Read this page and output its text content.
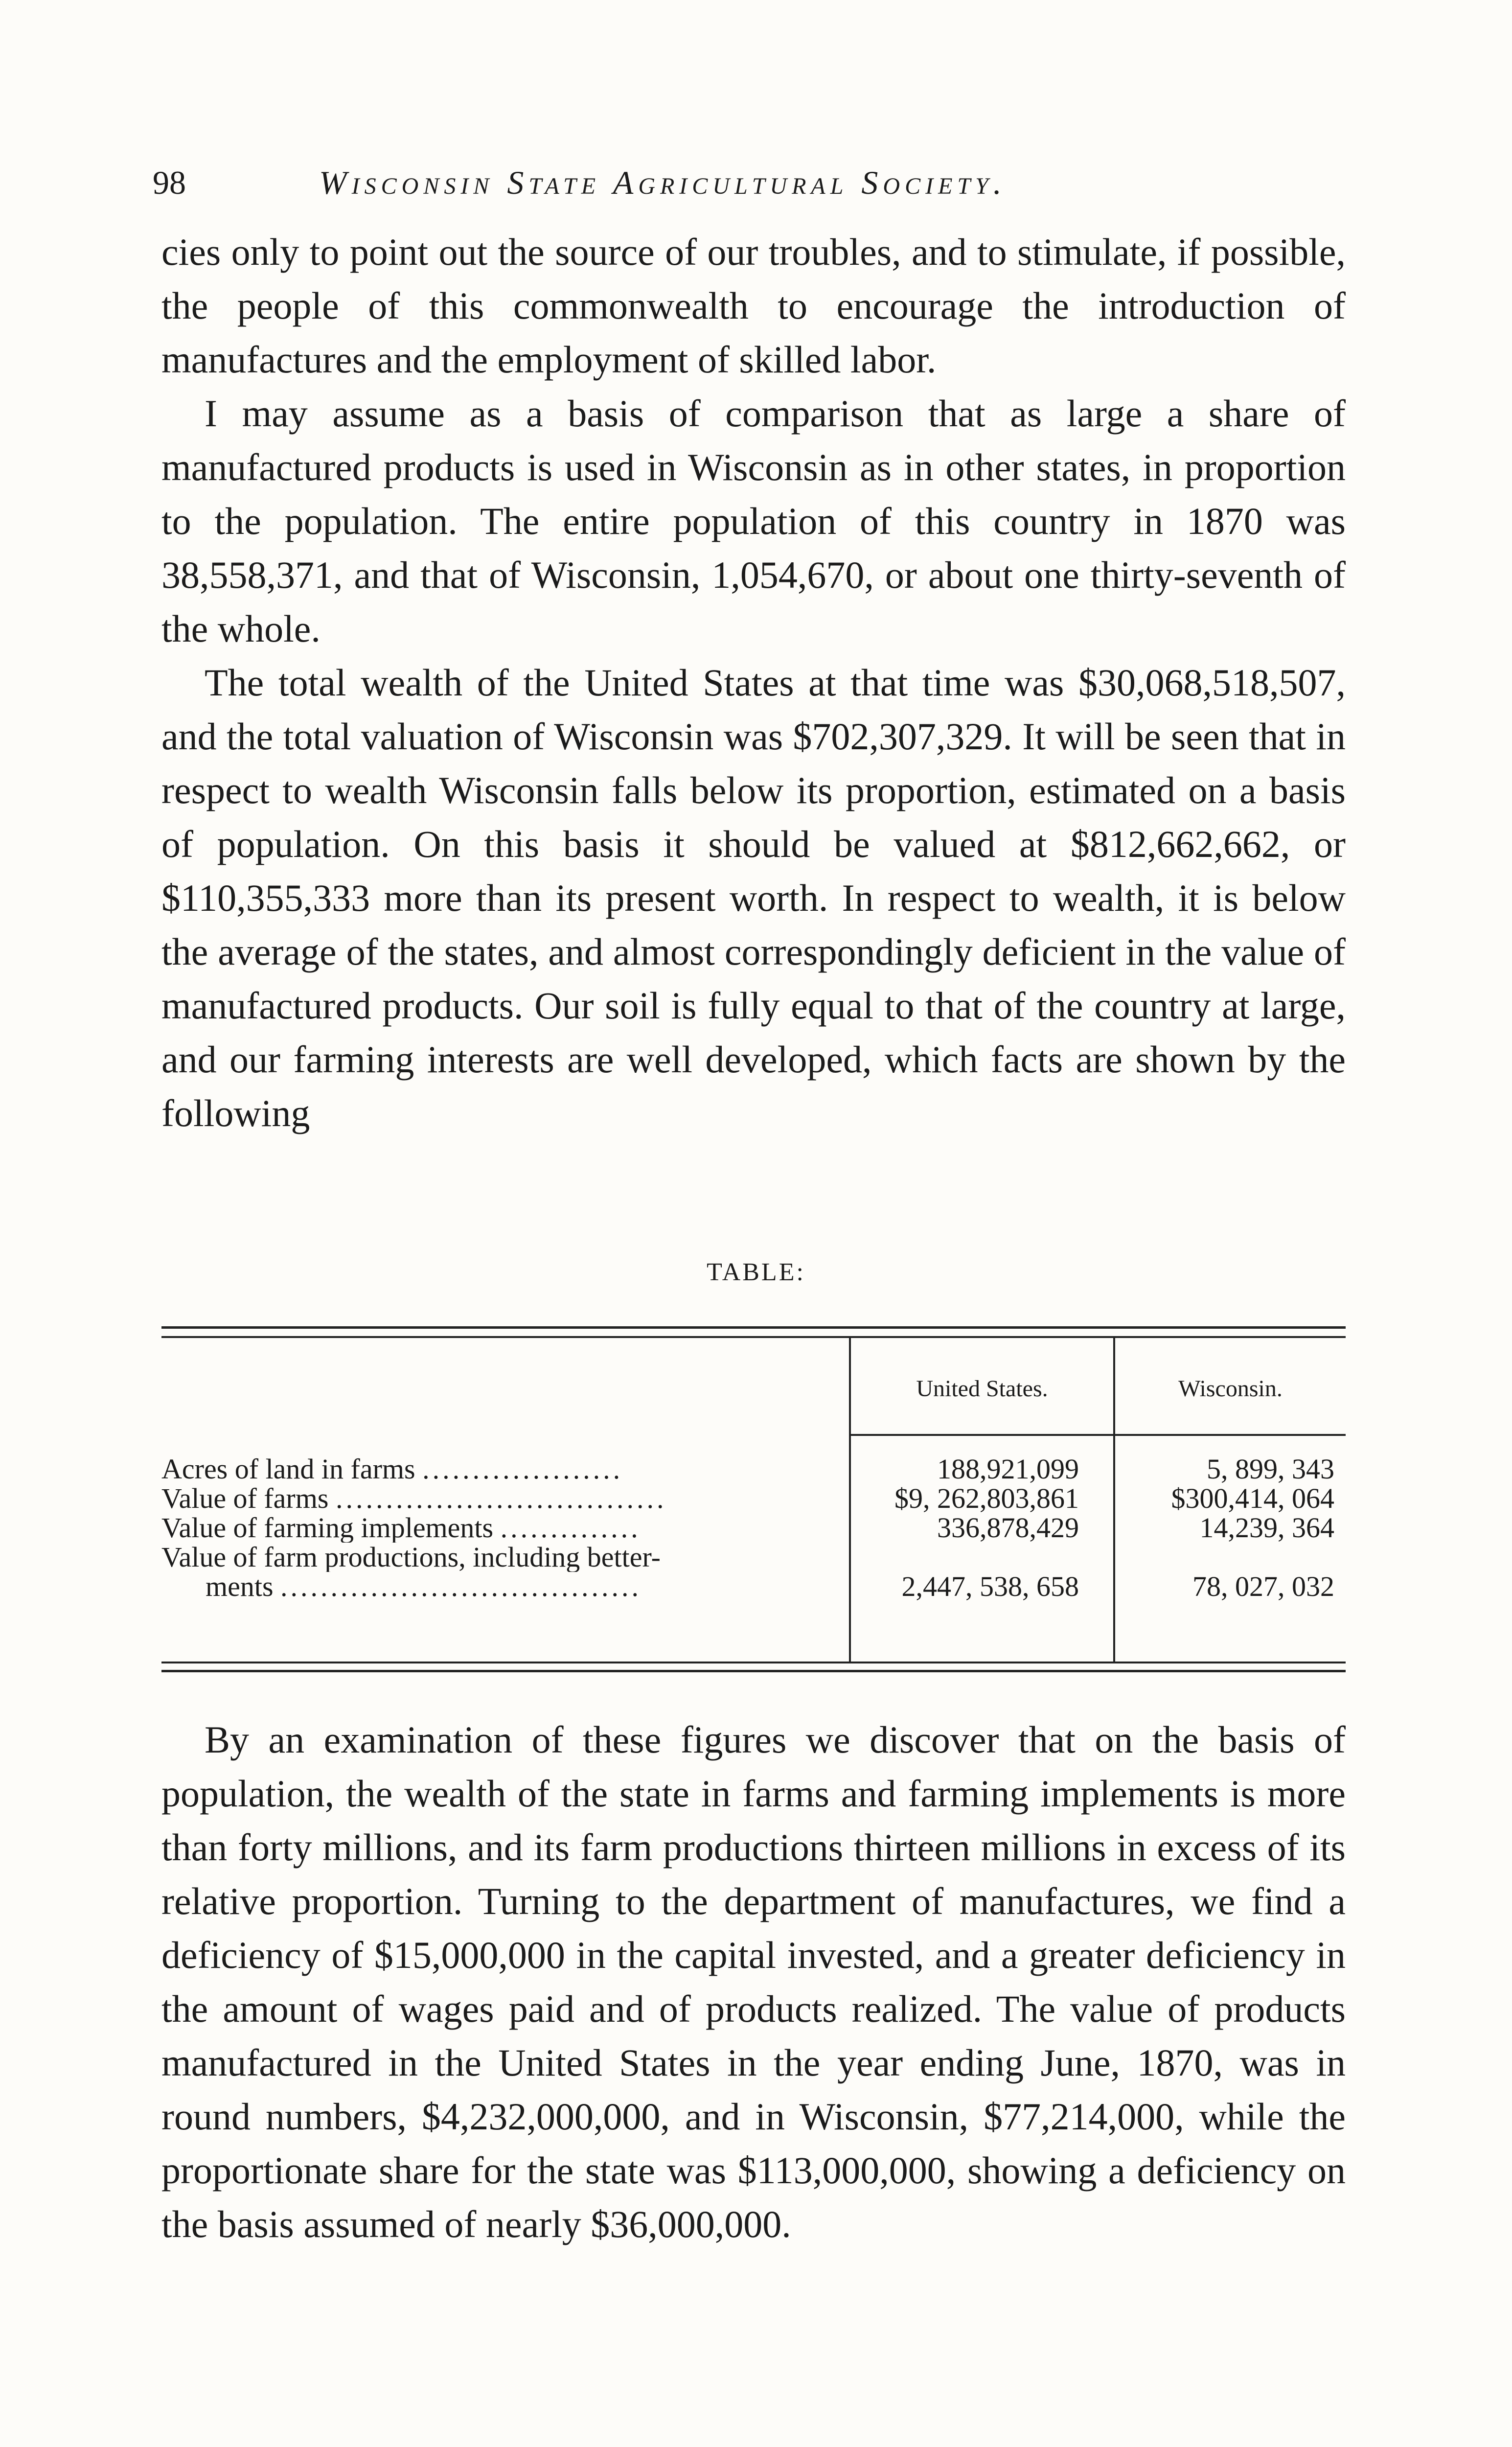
98	Wisconsin State Agricultural Society.

cies only to point out the source of our troubles, and to stimulate, if possible, the people of this commonwealth to encourage the introduction of manufactures and the employment of skilled labor.

I may assume as a basis of comparison that as large a share of manufactured products is used in Wisconsin as in other states, in proportion to the population. The entire population of this country in 1870 was 38,558,371, and that of Wisconsin, 1,054,670, or about one thirty-seventh of the whole.

The total wealth of the United States at that time was $30,068,518,507, and the total valuation of Wisconsin was $702,307,329. It will be seen that in respect to wealth Wisconsin falls below its proportion, estimated on a basis of population. On this basis it should be valued at $812,662,662, or $110,355,333 more than its present worth. In respect to wealth, it is below the average of the states, and almost correspondingly deficient in the value of manufactured products. Our soil is fully equal to that of the country at large, and our farming interests are well developed, which facts are shown by the following

TABLE:
United States.	Wisconsin.
Acres of land in farms ....................	188,921,099	5, 899, 343
Value of farms .................................	$9, 262,803,861	$300,414, 064
Value of farming implements ..............	336,878,429	14,239, 364
Value of farm productions, including better-
ments ....................................	2,447, 538, 658	78, 027, 032

By an examination of these figures we discover that on the basis of population, the wealth of the state in farms and farming implements is more than forty millions, and its farm productions thirteen millions in excess of its relative proportion. Turning to the department of manufactures, we find a deficiency of $15,000,000 in the capital invested, and a greater deficiency in the amount of wages paid and of products realized. The value of products manufactured in the United States in the year ending June, 1870, was in round numbers, $4,232,000,000, and in Wisconsin, $77,214,000, while the proportionate share for the state was $113,000,000, showing a deficiency on the basis assumed of nearly $36,000,000.
